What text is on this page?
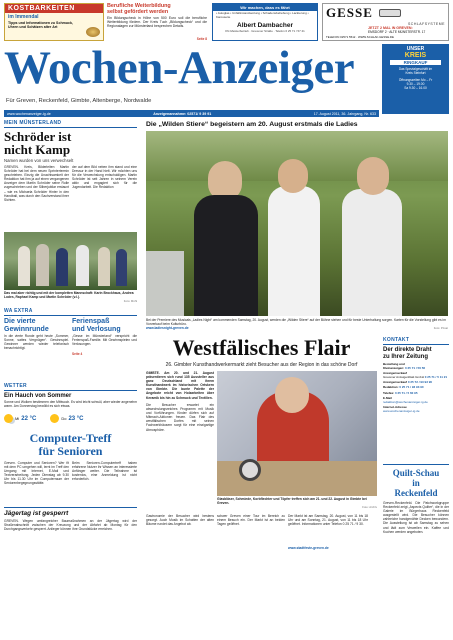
KOSTBARKEITEN
im Immendal
Tipps und Informationen zu Schmuck,
Uhren und Schätzen alter Art
Berufliche Weiterbildung
selbst gefördert werden
Ein Bildungscheck in Höhe von 500 Euro soll die berufliche Weiterbildung fördern. Der Kreis Tuch „Bildungscheck“ und die Regionalagen zur Münsterland besprechen Details.
Seite 8
Wir machen, dass es fährt
• Autoglas • Unfallinstandsetzung • Schadensbehebung • Lackierung • Karosserie
Albert Dambacher
Kfz-Meisterbetrieb · Grevener Straße · Telefon 0 25 71 / 57 41
GESSE
SCHLAFSYSTEME
JETZT 2 MAL IN GREVEN:
EMSDORF 2 · ALTE MÜNSTERSTR. 17
TELEFON 02571 5512 · WWW.SCHLAF-GESSE.DE
Wochen-Anzeiger
Für Greven, Reckenfeld, Gimbte, Altenberge, Nordwalde
UNSER
KREIS
RINGKAUF
Das Spezialgeschäft im
Kreis Steinfurt
Öffnungszeiten Mo – Fr
9.30 – 19.00
Sa 9.30 – 16.00
www.wochenanzeiger-ig.de	Anzeigenannahme: 02571/ 9 39 91	17. August 2011, 36. Jahrgang, Nr. 633
MEIN MÜNSTERLAND
Schröder ist
nicht Kamp
Namen wurden von uns verwechselt
GREVEN. Kreis, Bilderleiten Martin Schröder hat bei dem neuen Sprintertermin geschrieben. Einzig die Unachtsamkeit der Redaktion hat ihm ja auf einen vergangenen Anzeiger dem Martin Schröder seine Rolle zugeschrieben und der Silberjubilar erstaunt – wie es Michaela Schröder Hinter in den Handball, was durch den Sachverstand ihrer Sichten.
der auf dem Bild neben ihm stand und eine Dressur in der Hand hielt. Wir möchten uns für die Verwechslung entschuldigen. Martin Schröder ist seit Jahren in seinem Verein aktiv und engagiert sich für die Jugendarbeit. Die Redaktion
Das mal aber richtig und mit der kompletten Mannschaft: Karin Brockhaus, Andrea Lodes, Raphael Kamp und Martin Schröder (v.l.).
Foto: Mühl
WA EXTRA
Die vierte
Gewinnrunde
In die vierte Runde geht heute „Sommer, Sonne, sattes Vergnügen“. Gewinnspiel. Gewinner werden wieder telefonisch benachrichtigt.
Ferienspaß
und Verlosung
„Gesse im Münsterland“ verspricht die Ferienspaß-Familie. Mit Gewinnspielen und Verlosungen.
Seite 4
WETTER
Ein Hauch von Sommer
Sonne und Wolken bestimmen den Mittwoch. Es wird leicht schwül, aber wieder angenehm warm. Am Donnerstag bewölkt es sich etwas.
Mi 22 °C	Do 23 °C
Computer-Treff
für Senioren
Greven. Computer und Senioren? Wer fit mit dem PC umgehen will, lernt im Treff den Umgang mit Internet, E-Mail und Textverarbeitung. Jeden Dienstag ab 9.30 Uhr bis 11.30 Uhr im Computerraum der Seniorenbegegnungsstätte.
Beim Senioren-Computertreff haben erfahrene Nutzer ihr Wissen an interessierte Anfänger weiter. Die Teilnahme ist kostenlos, eine Anmeldung ist nicht erforderlich.
Jägertag ist gesperrt
GREVEN. Wegen umfangreicher Baumaßnahmen an der Jägertag wird der Straßenabschnitt zwischen der Kreuzung und der Abfahrt ab Montag für den Durchgangsverkehr gesperrt. Anlieger können ihre Grundstücke erreichen.
Die „Wilden Stiere“ begeistern am 20. August erstmals die Ladies
Bei der Premiere des Musicals „Ladies Night“ am kommenden Samstag, 20. August, werden die „Wilden Stiere“ auf der Bühne stehen und für beste Unterhaltung sorgen. Karten für die Vorstellung gibt es im Vorverkauf beim Kulturbüro.
www.ladiesnight-greven.de	Foto: Privat
Westfälisches Flair
26. Gimbter Kunsthandwerkermarkt zieht Besucher aus der Region in das schöne Dorf
GIMBTE. Am 20. und 21. August präsentieren sich rund 135 Aussteller aus ganz Deutschland mit ihrem Kunsthandwerk im historischen Ortskern von Gimbte. Die bunte Palette der Angebote reicht von Holzarbeiten über Keramik bis hin zu Schmuck und Textilien.
Die Besucher erwartet ein abwechslungsreiches Programm mit Musik und Vorführungen. Kinder dürfen sich auf Mitmach-Aktionen freuen. Das Flair des westfälischen Dorfes mit seinen Fachwerkhäusern sorgt für eine einzigartige Atmosphäre.
Glasbläser, Schmiede, Korbflechter und Töpfer treffen sich am 21. und 22. August in Gimbte bei Greven.
Foto: Archiv
Gastronomie der Besucher wird bestens gesorgt. Auch Musik im Schatten der alten Bäume rundet das Angebot ab.
schwer Greven einer Tour im Bereich zu einem Besuch ein. Der Markt ist an beiden Tagen geöffnet.
Der Markt ist am Samstag, 20. August, von 11 bis 18 Uhr und am Sonntag, 21. August, von 11 bis 18 Uhr geöffnet. Informationen unter Telefon 0 25 71 / 9 30.
www.stadtfeste-greven.de
KONTAKT
Der direkte Draht
zu Ihrer Zeitung
Bestellung und
Kleinanzeigen: 0 25 71 / 56 56
Anzeigenverkauf
Grevener Anzeigenblatt GmbH 0 25 71 / 5 11 21
Anzeigenverkauf 0 25 72 / 93 93 90
Redaktion: 0 25 71 / 93 93 90
Telefax: 0 25 71 / 5 60 95
E-Mail
redaktion@wochenanzeiger-ig.de
Internet-Adresse
www.wochenanzeiger-ig.de
Quilt-Schau
in
Reckenfeld
Greven-Reckenfeld. Die Patchworkgruppe Reckenfeld zeigt „Aspects Quilter“, die in der Galerie im Bürgerhaus Reckenfeld ausgestellt wird. Die Besucher können zahlreiche handgenähte Decken bewundern. Die Ausstellung ist ab Samstag zu sehen und lädt zum Verweilen ein. Kaffee und Kuchen werden angeboten.
